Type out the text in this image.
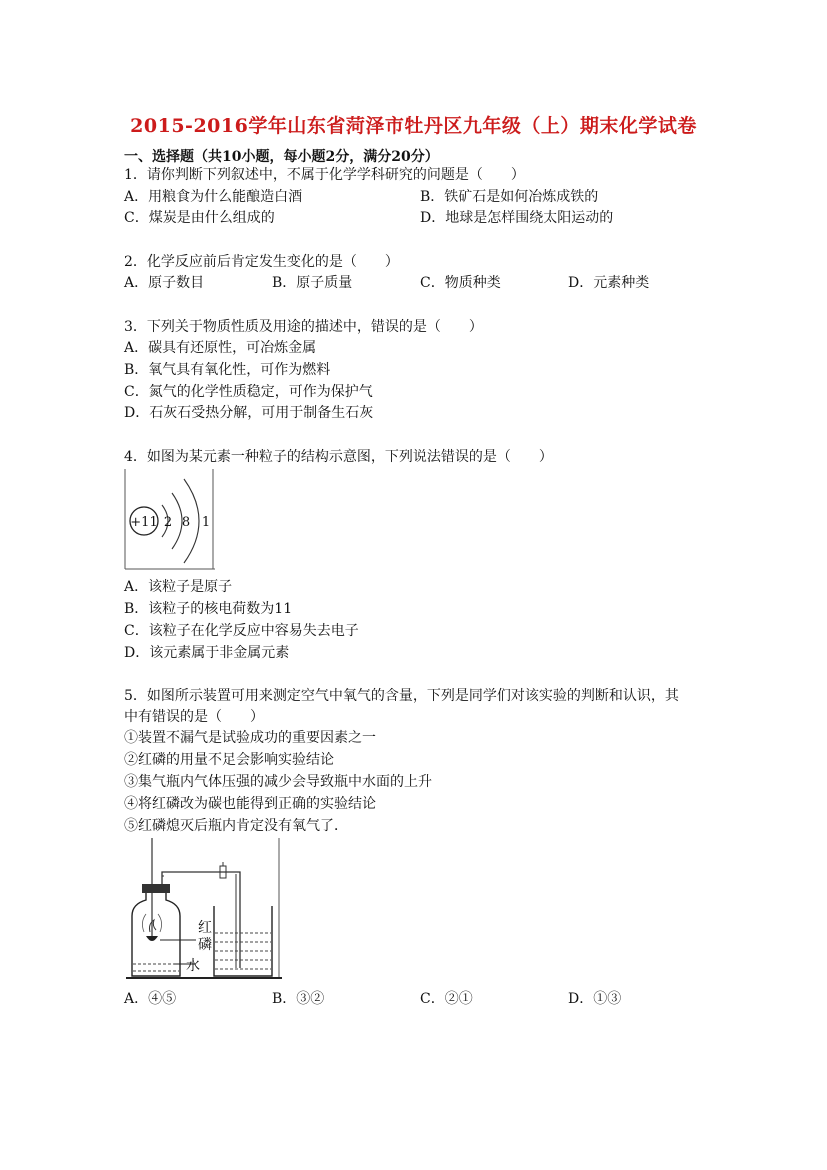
2015-2016学年山东省菏泽市牡丹区九年级（上）期末化学试卷
一、选择题（共10小题，每小题2分，满分20分）
1．请你判断下列叙述中，不属于化学学科研究的问题是（　　）
A．用粮食为什么能酿造白酒	B．铁矿石是如何冶炼成铁的
C．煤炭是由什么组成的	D．地球是怎样围绕太阳运动的
2．化学反应前后肯定发生变化的是（　　）
A．原子数目	B．原子质量	C．物质种类	D．元素种类
3．下列关于物质性质及用途的描述中，错误的是（　　）
A．碳具有还原性，可冶炼金属
B．氧气具有氧化性，可作为燃料
C．氮气的化学性质稳定，可作为保护气
D．石灰石受热分解，可用于制备生石灰
4．如图为某元素一种粒子的结构示意图，下列说法错误的是（　　）
+11 2 8 1
A．该粒子是原子
B．该粒子的核电荷数为11
C．该粒子在化学反应中容易失去电子
D．该元素属于非金属元素
5．如图所示装置可用来测定空气中氧气的含量，下列是同学们对该实验的判断和认识，其
中有错误的是（　　）
①装置不漏气是试验成功的重要因素之一
②红磷的用量不足会影响实验结论
③集气瓶内气体压强的减少会导致瓶中水面的上升
④将红磷改为碳也能得到正确的实验结论
⑤红磷熄灭后瓶内肯定没有氧气了．
红
磷
水
A．④⑤	B．③②	C．②①	D．①③
